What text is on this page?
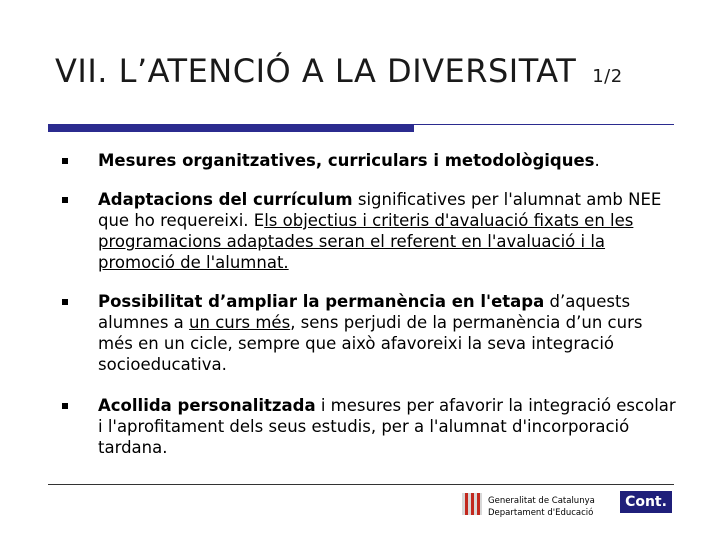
VII. L’ATENCIÓ A LA DIVERSITAT 1/2
Mesures organitzatives, curriculars i metodològiques.
Adaptacions del currículum significatives per l'alumnat amb NEE que ho requereixi. Els objectius i criteris d'avaluació fixats en les programacions adaptades seran el referent en l'avaluació i la promoció de l'alumnat.
Possibilitat d’ampliar la permanència en l'etapa d’aquests alumnes a un curs més, sens perjudi de la permanència d’un curs més en un cicle, sempre que això afavoreixi la seva integració socioeducativa.
Acollida personalitzada i mesures per afavorir la integració escolar i l'aprofitament dels seus estudis, per a l'alumnat d'incorporació tardana.
Generalitat de Catalunya
Departament d'Educació
Cont.
